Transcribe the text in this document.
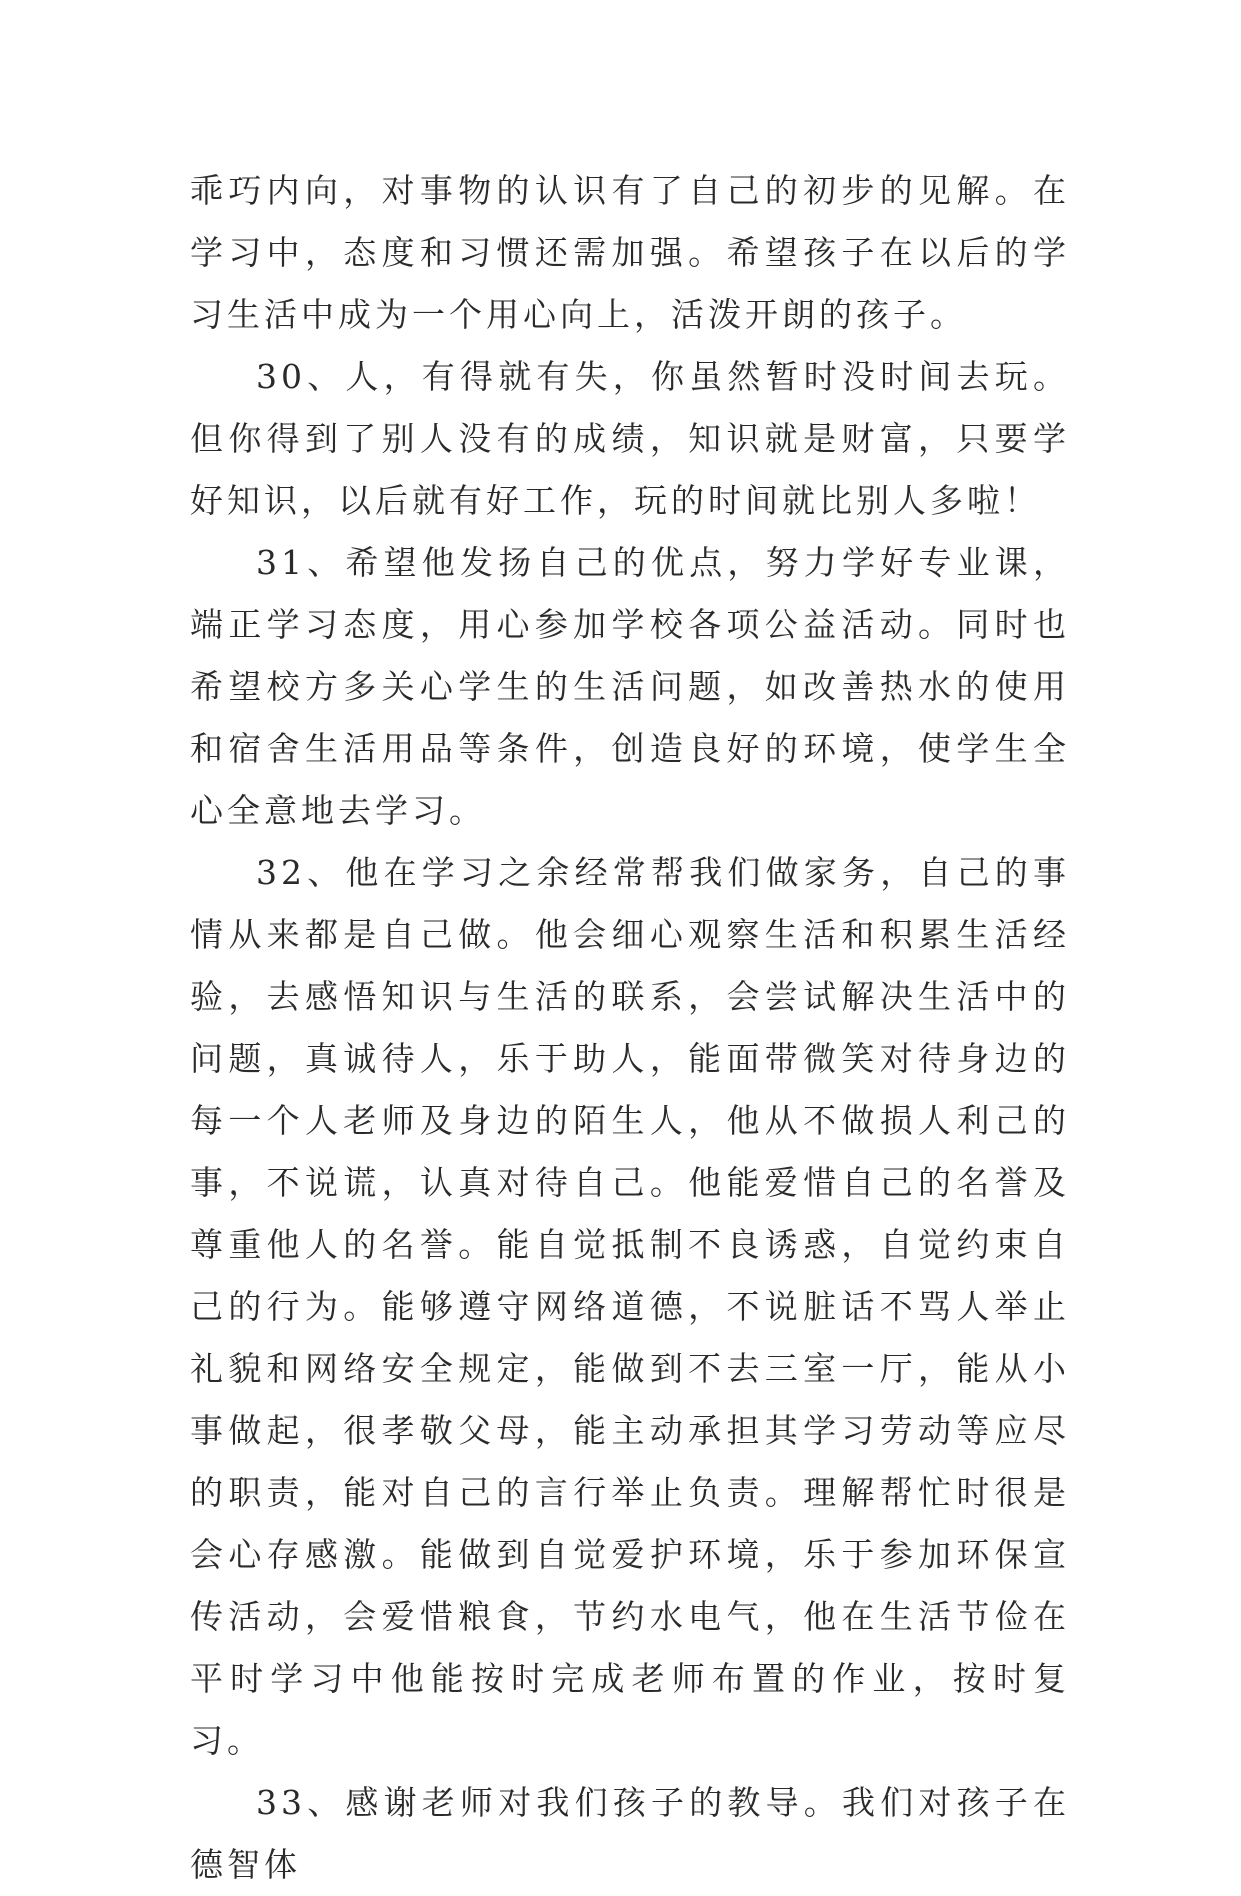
乖巧内向，对事物的认识有了自己的初步的见解。在学习中，态度和习惯还需加强。希望孩子在以后的学习生活中成为一个用心向上，活泼开朗的孩子。

30、人，有得就有失，你虽然暂时没时间去玩。但你得到了别人没有的成绩，知识就是财富，只要学好知识，以后就有好工作，玩的时间就比别人多啦！

31、希望他发扬自己的优点，努力学好专业课，端正学习态度，用心参加学校各项公益活动。同时也希望校方多关心学生的生活问题，如改善热水的使用和宿舍生活用品等条件，创造良好的环境，使学生全心全意地去学习。

32、他在学习之余经常帮我们做家务，自己的事情从来都是自己做。他会细心观察生活和积累生活经验，去感悟知识与生活的联系，会尝试解决生活中的问题，真诚待人，乐于助人，能面带微笑对待身边的每一个人老师及身边的陌生人，他从不做损人利己的事，不说谎，认真对待自己。他能爱惜自己的名誉及尊重他人的名誉。能自觉抵制不良诱惑，自觉约束自己的行为。能够遵守网络道德，不说脏话不骂人举止礼貌和网络安全规定，能做到不去三室一厅，能从小事做起，很孝敬父母，能主动承担其学习劳动等应尽的职责，能对自己的言行举止负责。理解帮忙时很是会心存感激。能做到自觉爱护环境，乐于参加环保宣传活动，会爱惜粮食，节约水电气，他在生活节俭在平时学习中他能按时完成老师布置的作业，按时复习。

33、感谢老师对我们孩子的教导。我们对孩子在德智体
